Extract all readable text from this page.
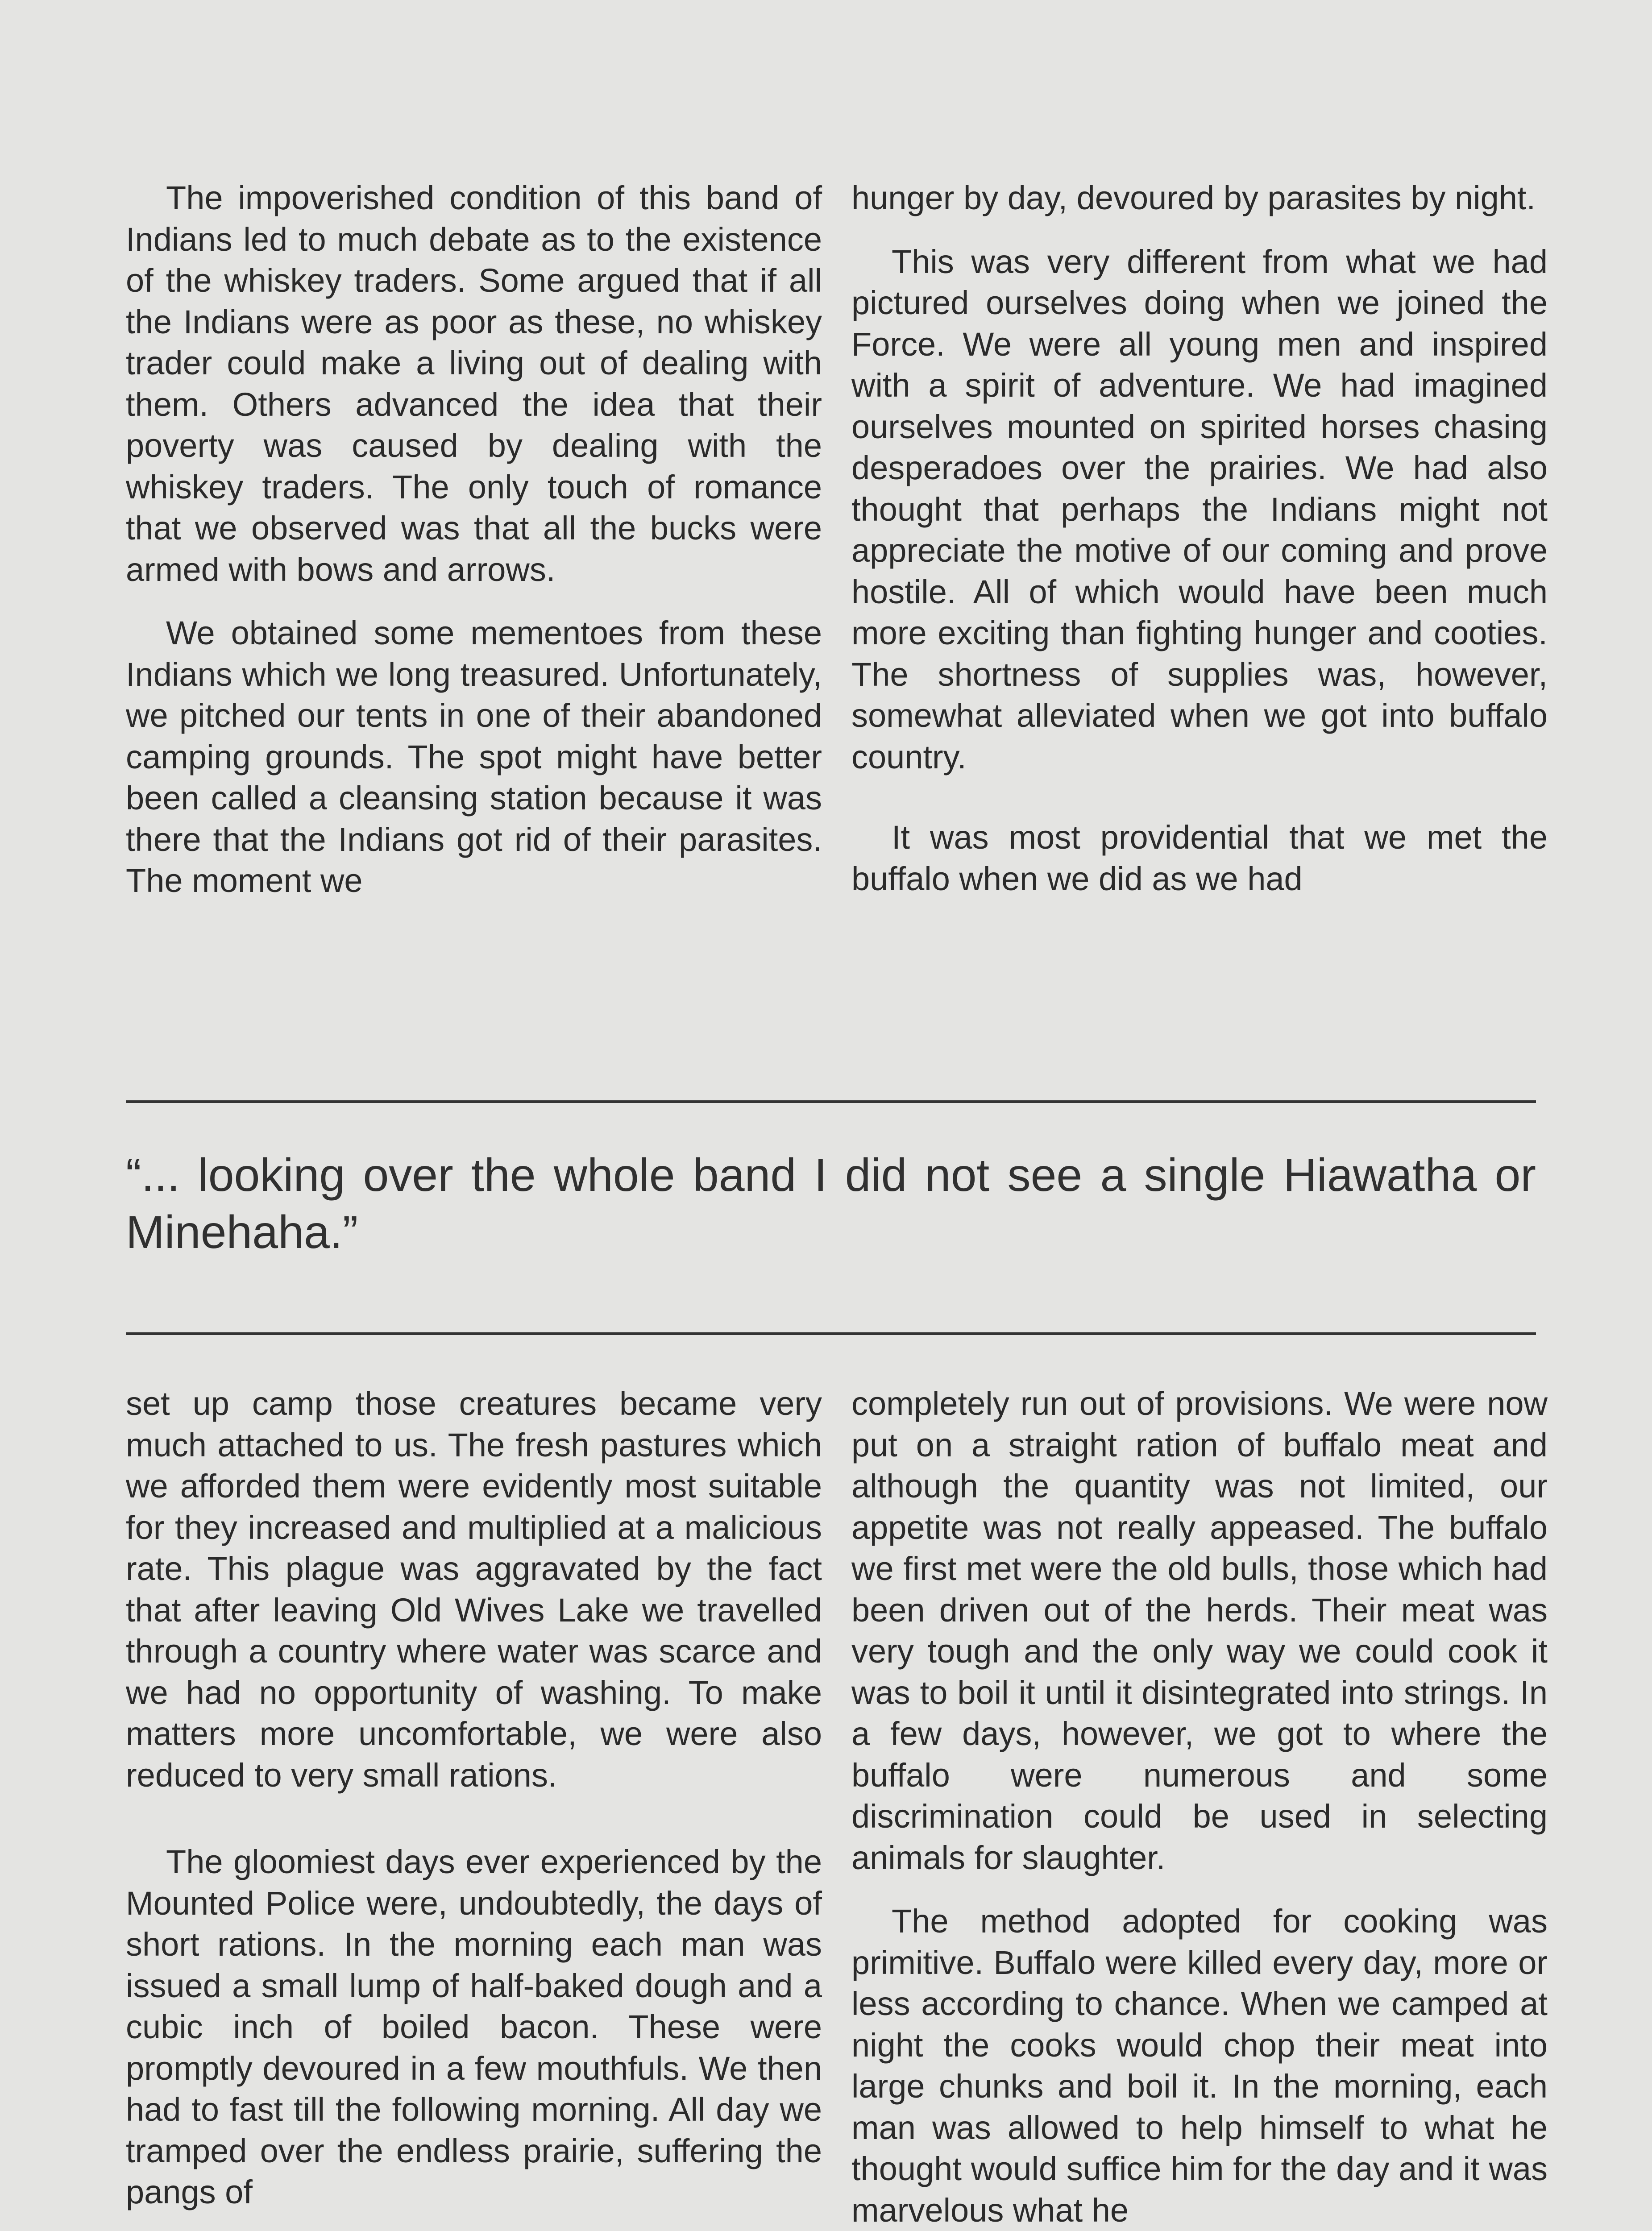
The impoverished condition of this band of Indians led to much debate as to the existence of the whiskey traders. Some argued that if all the Indians were as poor as these, no whiskey trader could make a living out of dealing with them. Others advanced the idea that their poverty was caused by dealing with the whiskey traders. The only touch of romance that we observed was that all the bucks were armed with bows and arrows.

We obtained some mementoes from these Indians which we long treasured. Unfortunately, we pitched our tents in one of their abandoned camping grounds. The spot might have better been called a cleansing station because it was there that the Indians got rid of their parasites. The moment we

hunger by day, devoured by parasites by night.

This was very different from what we had pictured ourselves doing when we joined the Force. We were all young men and inspired with a spirit of adventure. We had imagined ourselves mounted on spirited horses chasing desperadoes over the prairies. We had also thought that perhaps the Indians might not appreciate the motive of our coming and prove hostile. All of which would have been much more exciting than fighting hunger and cooties. The shortness of supplies was, however, somewhat alleviated when we got into buffalo country.

It was most providential that we met the buffalo when we did as we had

“... looking over the whole band I did not see a single Hiawatha or Minehaha.”

set up camp those creatures became very much attached to us. The fresh pastures which we afforded them were evidently most suitable for they increased and multiplied at a malicious rate. This plague was aggravated by the fact that after leaving Old Wives Lake we travelled through a country where water was scarce and we had no opportunity of washing. To make matters more uncomfortable, we were also reduced to very small rations.

The gloomiest days ever experienced by the Mounted Police were, undoubtedly, the days of short rations. In the morning each man was issued a small lump of half-baked dough and a cubic inch of boiled bacon. These were promptly devoured in a few mouthfuls. We then had to fast till the following morning. All day we tramped over the endless prairie, suffering the pangs of

completely run out of provisions. We were now put on a straight ration of buffalo meat and although the quantity was not limited, our appetite was not really appeased. The buffalo we first met were the old bulls, those which had been driven out of the herds. Their meat was very tough and the only way we could cook it was to boil it until it disintegrated into strings. In a few days, however, we got to where the buffalo were numerous and some discrimination could be used in selecting animals for slaughter.

The method adopted for cooking was primitive. Buffalo were killed every day, more or less according to chance. When we camped at night the cooks would chop their meat into large chunks and boil it. In the morning, each man was allowed to help himself to what he thought would suffice him for the day and it was marvelous what he
